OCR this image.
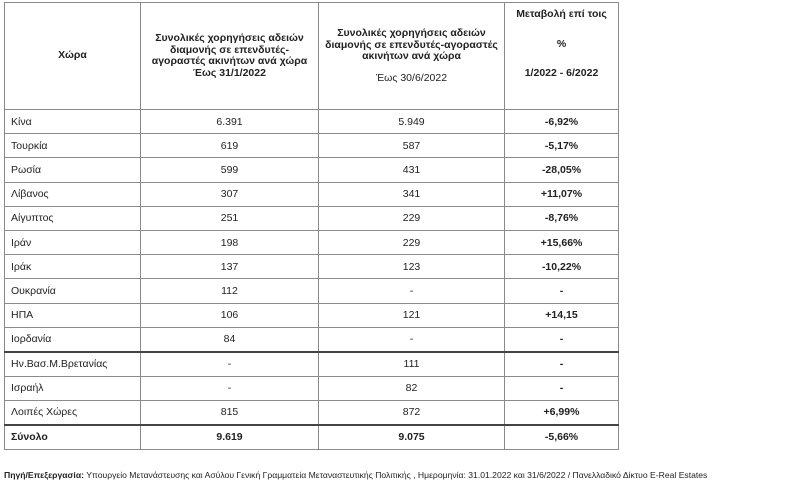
Χώρα	Συνολικές χορηγήσεις αδειών διαμονής σε επενδυτές-αγοραστές ακινήτων ανά χώρα Έως 31/1/2022	Συνολικές χορηγήσεις αδειών διαμονής σε επενδυτές-αγοραστές ακινήτων ανά χώρα
Έως 30/6/2022	Μεταβολή επί τοις
%
1/2022 - 6/2022

Κίνα	6.391	5.949	-6,92%
Τουρκία	619	587	-5,17%
Ρωσία	599	431	-28,05%
Λίβανος	307	341	+11,07%
Αίγυπτος	251	229	-8,76%
Ιράν	198	229	+15,66%
Ιράκ	137	123	-10,22%
Ουκρανία	112	-	-
ΗΠΑ	106	121	+14,15
Ιορδανία	84	-	-
Ην.Βασ.Μ.Βρετανίας	-	111	-
Ισραήλ	-	82	-
Λοιπές Χώρες	815	872	+6,99%
Σύνολο	9.619	9.075	-5,66%
Πηγή/Επεξεργασία: Υπουργείο Μετανάστευσης και Ασύλου Γενική Γραμματεία Μεταναστευτικής Πολιτικής , Ημερομηνία: 31.01.2022 και 31/6/2022 / Πανελλαδικό Δίκτυο E-Real Estates
